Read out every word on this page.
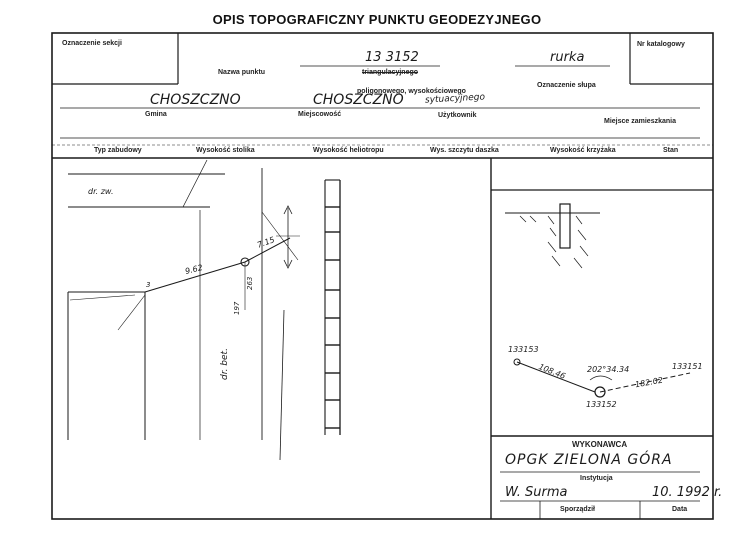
OPIS TOPOGRAFICZNY PUNKTU GEODEZYJNEGO
Oznaczenie sekcji	Nr katalogowy
13 3152	rurka
Nazwa punktu	triangulacyjnego
poligonowego, wysokościowego
Oznaczenie słupa
CHOSZCZNO	CHOSZCZNO sytuacyjnego
Gmina	Miejscowość	Użytkownik
Miejsce zamieszkania
Typ zabudowy	Wysokość stolika	Wysokość heliotropu	Wys. szczytu daszka	Wysokość krzyżaka	Stan
dr. zw.
dr. bet.
9.62
7.15
197
263
3
133153
108.46	202°34.34	133151
182.02
133152
WYKONAWCA
OPGK ZIELONA GÓRA
Instytucja
W. Surma	10. 1992 r.
Sporządził	Data
